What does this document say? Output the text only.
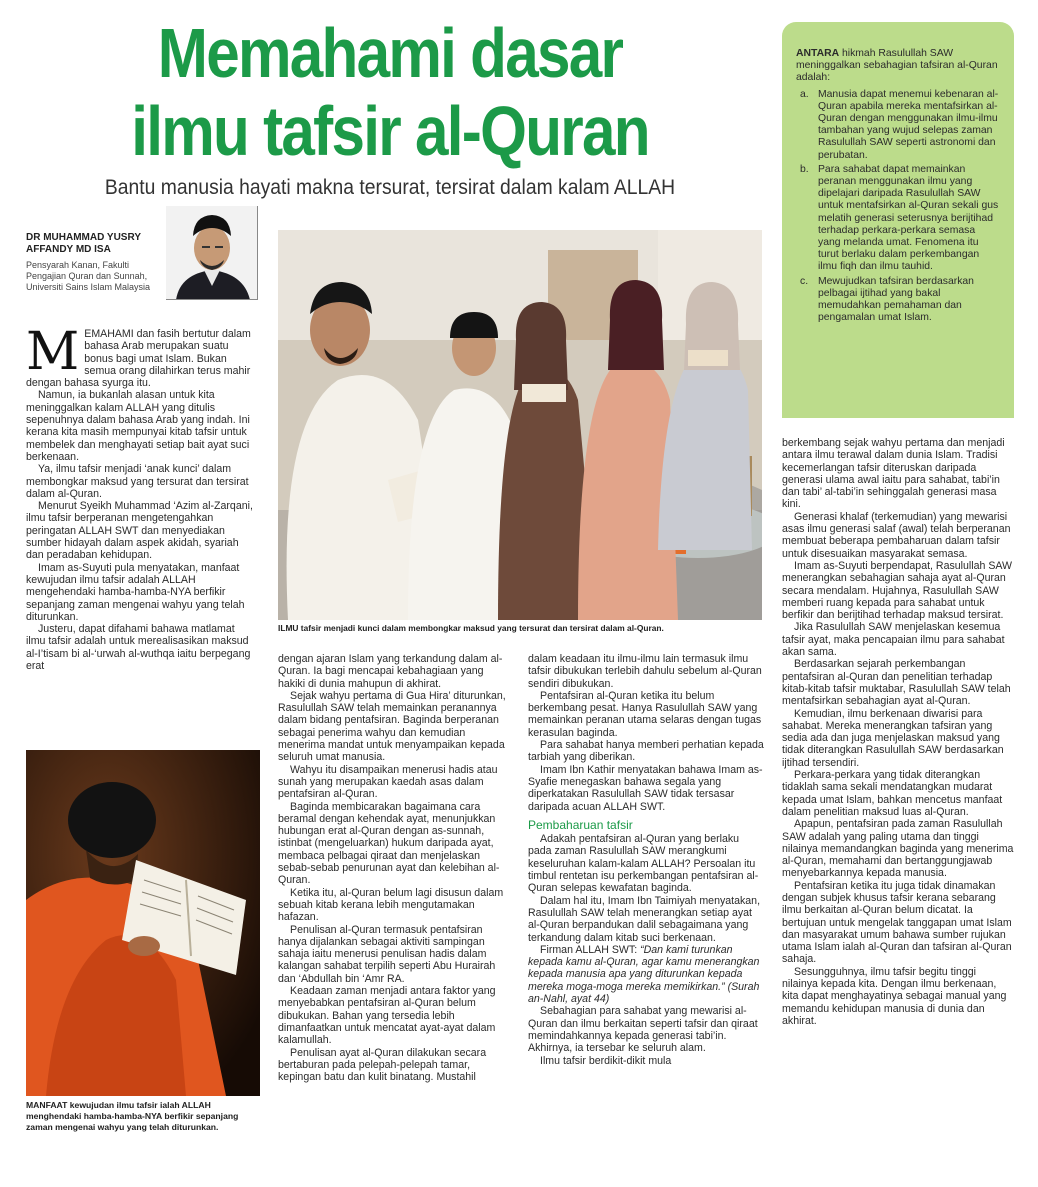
Memahami dasar
ilmu tafsir al-Quran
Bantu manusia hayati makna tersurat, tersirat dalam kalam ALLAH
DR MUHAMMAD YUSRY
AFFANDY MD ISA
Pensyarah Kanan, Fakulti
Pengajian Quran dan Sunnah,
Universiti Sains Islam Malaysia
M EMAHAMI dan fasih bertutur dalam bahasa Arab merupakan suatu bonus bagi umat Islam. Bukan semua orang dilahirkan terus mahir dengan bahasa syurga itu.

Namun, ia bukanlah alasan untuk kita meninggalkan kalam ALLAH yang ditulis sepenuhnya dalam bahasa Arab yang indah. Ini kerana kita masih mempunyai kitab tafsir untuk membelek dan menghayati setiap bait ayat suci berkenaan.

Ya, ilmu tafsir menjadi ‘anak kunci’ dalam membongkar maksud yang tersurat dan tersirat dalam al-Quran.

Menurut Syeikh Muhammad ‘Azim al-Zarqani, ilmu tafsir berperanan mengetengahkan peringatan ALLAH SWT dan menyediakan sumber hidayah dalam aspek akidah, syariah dan peradaban kehidupan.

Imam as-Suyuti pula menyatakan, manfaat kewujudan ilmu tafsir adalah ALLAH mengehendaki hamba-hamba-NYA berfikir sepanjang zaman mengenai wahyu yang telah diturunkan.

Justeru, dapat difahami bahawa matlamat ilmu tafsir adalah untuk merealisasikan maksud al-I’tisam bi al-‘urwah al-wuthqa iaitu berpegang erat

MANFAAT kewujudan ilmu tafsir ialah ALLAH menghendaki hamba-hamba-NYA berfikir sepanjang zaman mengenai wahyu yang telah diturunkan.
ILMU tafsir menjadi kunci dalam membongkar maksud yang tersurat dan tersirat dalam al-Quran.

dengan ajaran Islam yang terkandung dalam al-Quran. Ia bagi mencapai kebahagiaan yang hakiki di dunia mahupun di akhirat.

Sejak wahyu pertama di Gua Hira’ diturunkan, Rasulullah SAW telah memainkan peranannya dalam bidang pentafsiran. Baginda berperanan sebagai penerima wahyu dan kemudian menerima mandat untuk menyampaikan kepada seluruh umat manusia.

Wahyu itu disampaikan menerusi hadis atau sunah yang merupakan kaedah asas dalam pentafsiran al-Quran.

Baginda membicarakan bagaimana cara beramal dengan kehendak ayat, menunjukkan hubungan erat al-Quran dengan as-sunnah, istinbat (mengeluarkan) hukum daripada ayat, membaca pelbagai qiraat dan menjelaskan sebab-sebab penurunan ayat dan kelebihan al-Quran.

Ketika itu, al-Quran belum lagi disusun dalam sebuah kitab kerana lebih mengutamakan hafazan.

Penulisan al-Quran termasuk pentafsiran hanya dijalankan sebagai aktiviti sampingan sahaja iaitu menerusi penulisan hadis dalam kalangan sahabat terpilih seperti Abu Hurairah dan ‘Abdullah bin ‘Amr RA.

Keadaan zaman menjadi antara faktor yang menyebabkan pentafsiran al-Quran belum dibukukan. Bahan yang tersedia lebih dimanfaatkan untuk mencatat ayat-ayat dalam kalamullah.

Penulisan ayat al-Quran dilakukan secara bertaburan pada pelepah-pelepah tamar, kepingan batu dan kulit binatang. Mustahil

dalam keadaan itu ilmu-ilmu lain termasuk ilmu tafsir dibukukan terlebih dahulu sebelum al-Quran sendiri dibukukan.

Pentafsiran al-Quran ketika itu belum berkembang pesat. Hanya Rasulullah SAW yang memainkan peranan utama selaras dengan tugas kerasulan baginda.

Para sahabat hanya memberi perhatian kepada tarbiah yang diberikan.

Imam Ibn Kathir menyatakan bahawa Imam as-Syafie menegaskan bahawa segala yang diperkatakan Rasulullah SAW tidak tersasar daripada acuan ALLAH SWT.

Pembaharuan tafsir

Adakah pentafsiran al-Quran yang berlaku pada zaman Rasulullah SAW merangkumi keseluruhan kalam-kalam ALLAH? Persoalan itu timbul rentetan isu perkembangan pentafsiran al-Quran selepas kewafatan baginda.

Dalam hal itu, Imam Ibn Taimiyah menyatakan, Rasulullah SAW telah menerangkan setiap ayat al-Quran berpandukan dalil sebagaimana yang terkandung dalam kitab suci berkenaan.

Firman ALLAH SWT: “Dan kami turunkan kepada kamu al-Quran, agar kamu menerangkan kepada manusia apa yang diturunkan kepada mereka moga-moga mereka memikirkan.” (Surah an-Nahl, ayat 44)

Sebahagian para sahabat yang mewarisi al-Quran dan ilmu berkaitan seperti tafsir dan qiraat memindahkannya kepada generasi tabi’in. Akhirnya, ia tersebar ke seluruh alam.

Ilmu tafsir berdikit-dikit mula

ANTARA hikmah Rasulullah SAW meninggalkan sebahagian tafsiran al-Quran adalah:

a. Manusia dapat menemui kebenaran al-Quran apabila mereka mentafsirkan al-Quran dengan menggunakan ilmu-ilmu tambahan yang wujud selepas zaman Rasulullah SAW seperti astronomi dan perubatan.
b. Para sahabat dapat memainkan peranan menggunakan ilmu yang dipelajari daripada Rasulullah SAW untuk mentafsirkan al-Quran sekali gus melatih generasi seterusnya berijtihad terhadap perkara-perkara semasa yang melanda umat. Fenomena itu turut berlaku dalam perkembangan ilmu fiqh dan ilmu tauhid.
c. Mewujudkan tafsiran berdasarkan pelbagai ijtihad yang bakal memudahkan pemahaman dan pengamalan umat Islam.

berkembang sejak wahyu pertama dan menjadi antara ilmu terawal dalam dunia Islam. Tradisi kecemerlangan tafsir diteruskan daripada generasi ulama awal iaitu para sahabat, tabi’in dan tabi’ al-tabi’in sehinggalah generasi masa kini.

Generasi khalaf (terkemudian) yang mewarisi asas ilmu generasi salaf (awal) telah berperanan membuat beberapa pembaharuan dalam tafsir untuk disesuaikan masyarakat semasa.

Imam as-Suyuti berpendapat, Rasulullah SAW menerangkan sebahagian sahaja ayat al-Quran secara mendalam. Hujahnya, Rasulullah SAW memberi ruang kepada para sahabat untuk berfikir dan berijtihad terhadap maksud tersirat.

Jika Rasulullah SAW menjelaskan kesemua tafsir ayat, maka pencapaian ilmu para sahabat akan sama.

Berdasarkan sejarah perkembangan pentafsiran al-Quran dan penelitian terhadap kitab-kitab tafsir muktabar, Rasulullah SAW telah mentafsirkan sebahagian ayat al-Quran.

Kemudian, ilmu berkenaan diwarisi para sahabat. Mereka menerangkan tafsiran yang sedia ada dan juga menjelaskan maksud yang tidak diterangkan Rasulullah SAW berdasarkan ijtihad tersendiri.

Perkara-perkara yang tidak diterangkan tidaklah sama sekali mendatangkan mudarat kepada umat Islam, bahkan mencetus manfaat dalam penelitian maksud luas al-Quran.

Apapun, pentafsiran pada zaman Rasulullah SAW adalah yang paling utama dan tinggi nilainya memandangkan baginda yang menerima al-Quran, memahami dan bertanggungjawab menyebarkannya kepada manusia.

Pentafsiran ketika itu juga tidak dinamakan dengan subjek khusus tafsir kerana sebarang ilmu berkaitan al-Quran belum dicatat. Ia bertujuan untuk mengelak tanggapan umat Islam dan masyarakat umum bahawa sumber rujukan utama Islam ialah al-Quran dan tafsiran al-Quran sahaja.

Sesungguhnya, ilmu tafsir begitu tinggi nilainya kepada kita. Dengan ilmu berkenaan, kita dapat menghayatinya sebagai manual yang memandu kehidupan manusia di dunia dan akhirat.
